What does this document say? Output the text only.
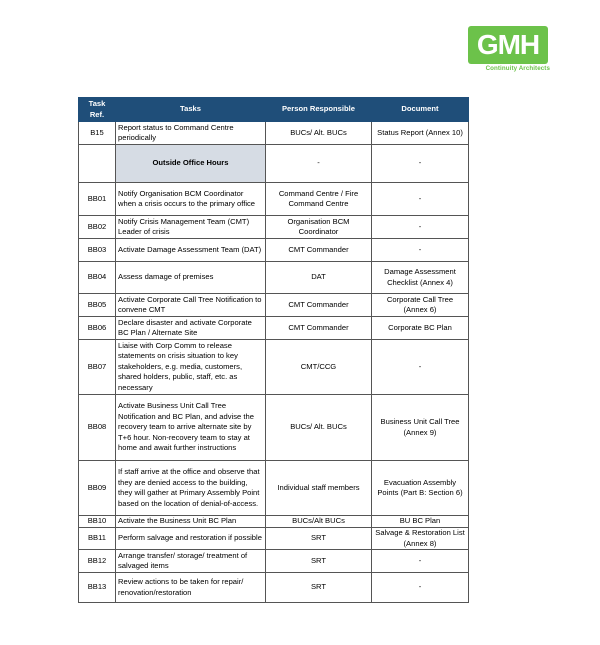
GMH
Continuity Architects
Task Ref.	Tasks	Person Responsible	Document
B15	Report status to Command Centre periodically	BUCs/ Alt. BUCs	Status Report (Annex 10)
	Outside Office Hours	-	-
BB01	Notify Organisation BCM Coordinator when a crisis occurs to the primary office	Command Centre / Fire Command Centre	-
BB02	Notify Crisis Management Team (CMT) Leader of crisis	Organisation BCM Coordinator	-
BB03	Activate Damage Assessment Team (DAT)	CMT Commander	-
BB04	Assess damage of premises	DAT	Damage Assessment Checklist (Annex 4)
BB05	Activate Corporate Call Tree Notification to convene CMT	CMT Commander	Corporate Call Tree (Annex 6)
BB06	Declare disaster and activate Corporate BC Plan / Alternate Site	CMT Commander	Corporate BC Plan
BB07	Liaise with Corp Comm to release statements on crisis situation to key stakeholders, e.g. media, customers, shared holders, public, staff, etc. as necessary	CMT/CCG	-
BB08	Activate Business Unit Call Tree Notification and BC Plan, and advise the recovery team to arrive alternate site by T+6 hour. Non-recovery team to stay at home and await further instructions	BUCs/ Alt. BUCs	Business Unit Call Tree (Annex 9)
BB09	If staff arrive at the office and observe that they are denied access to the building, they will gather at Primary Assembly Point based on the location of denial-of-access.	Individual staff members	Evacuation Assembly Points (Part B: Section 6)
BB10	Activate the Business Unit BC Plan	BUCs/Alt BUCs	BU BC Plan
BB11	Perform salvage and restoration if possible	SRT	Salvage & Restoration List (Annex 8)
BB12	Arrange transfer/ storage/ treatment of salvaged items	SRT	-
BB13	Review actions to be taken for repair/ renovation/restoration	SRT	-
